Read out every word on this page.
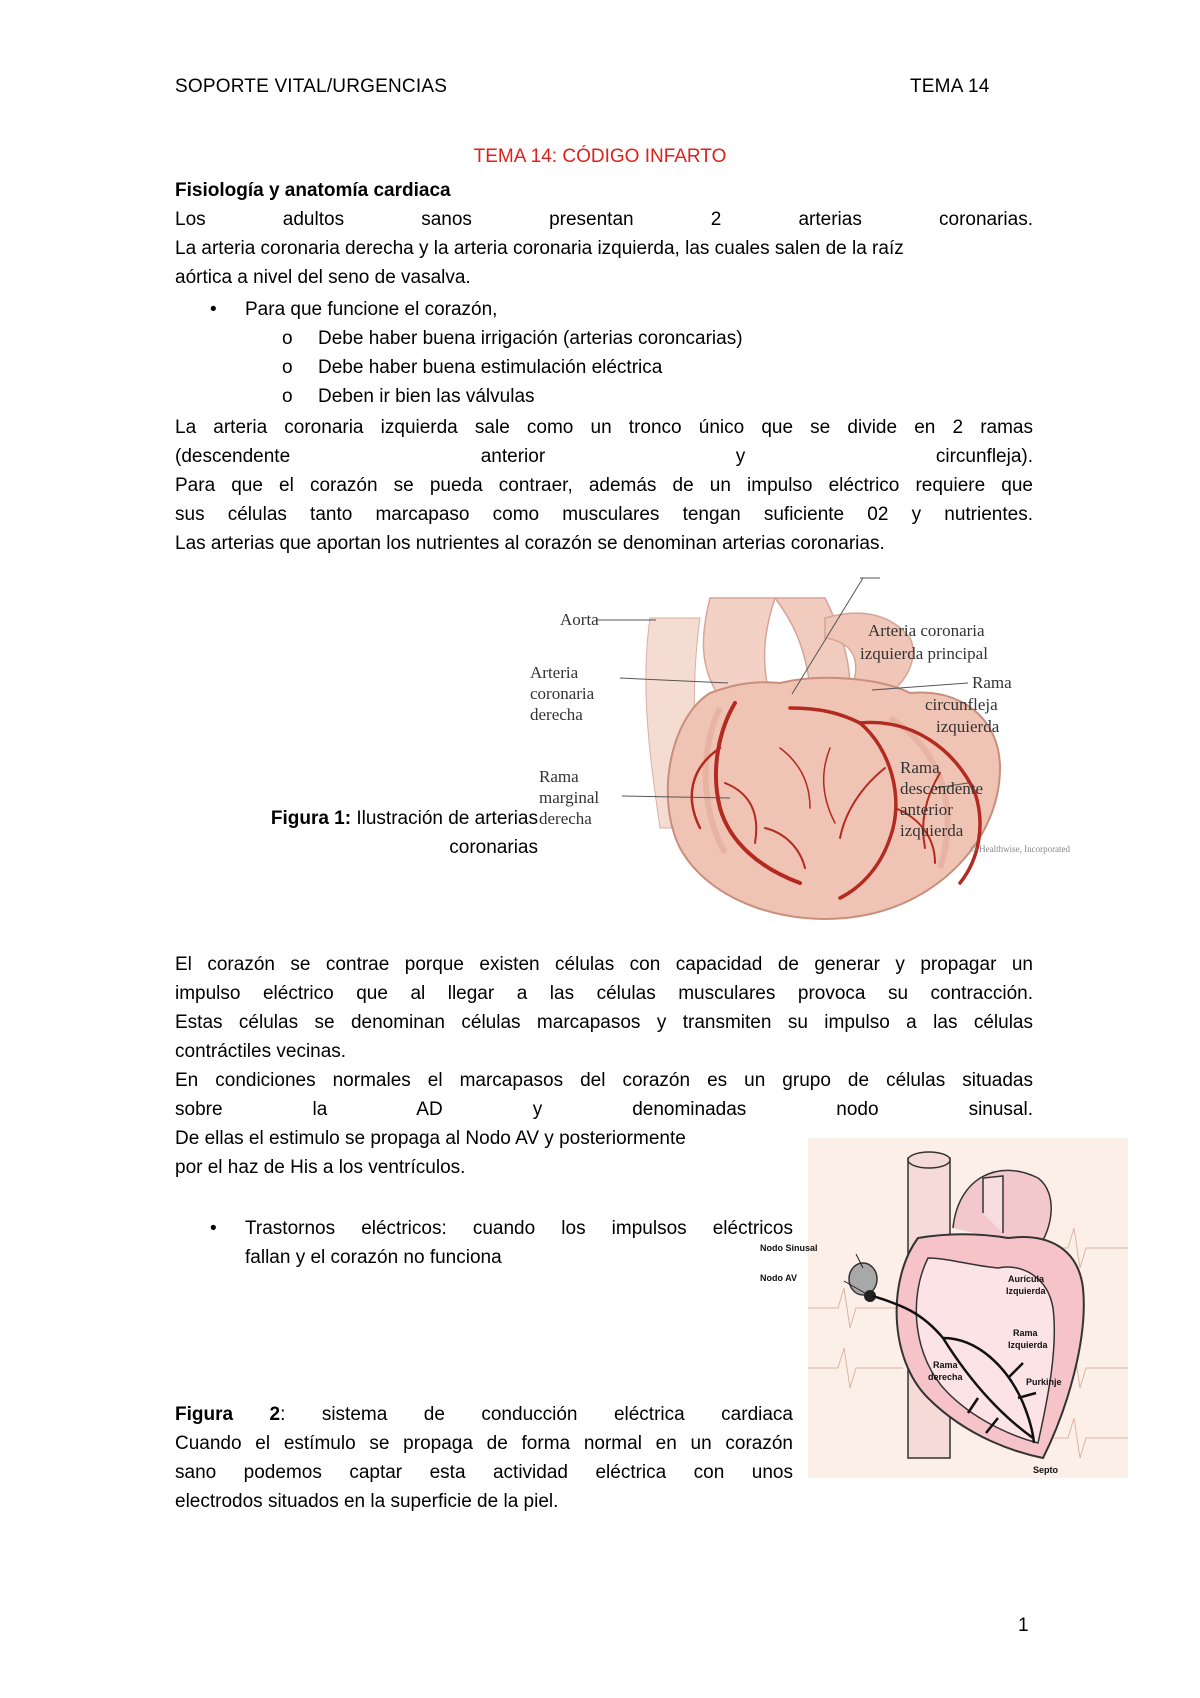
SOPORTE VITAL/URGENCIAS	TEMA 14
TEMA 14: CÓDIGO INFARTO
Fisiología y anatomía cardiaca
Los adultos sanos presentan 2 arterias coronarias.
La arteria coronaria derecha y la arteria coronaria izquierda, las cuales salen de la raíz
aórtica a nivel del seno de vasalva.
• Para que funcione el corazón,
o Debe haber buena irrigación (arterias coroncarias)
o Debe haber buena estimulación eléctrica
o Deben ir bien las válvulas
La arteria coronaria izquierda sale como un tronco único que se divide en 2 ramas
(descendente anterior y circunfleja).
Para que el corazón se pueda contraer, además de un impulso eléctrico requiere que
sus células tanto marcapaso como musculares tengan suficiente 02 y nutrientes.
Las arterias que aportan los nutrientes al corazón se denominan arterias coronarias.
Figura 1: Ilustración de arterias
coronarias
Aorta
Arteria
coronaria
derecha
Rama
marginal
derecha
Rama
circunfleja
izquierda
Rama
descendente
anterior
izquierda
© Healthwise, Incorporated
Arteria coronaria
izquierda principal
El corazón se contrae porque existen células con capacidad de generar y propagar un
impulso eléctrico que al llegar a las células musculares provoca su contracción.
Estas células se denominan células marcapasos y transmiten su impulso a las células
contráctiles vecinas.
En condiciones normales el marcapasos del corazón es un grupo de células situadas
sobre la AD y denominadas nodo sinusal.
De ellas el estimulo se propaga al Nodo AV y posteriormente
por el haz de His a los ventrículos.
• Trastornos eléctricos: cuando los impulsos eléctricos
fallan y el corazón no funciona	Nodo Sinusal
Nodo AV	Aurícula
Izquierda
Rama
Izquierda
Rama
derecha	Purkinje
Septo
Figura 2: sistema de conducción eléctrica cardiaca
Cuando el estímulo se propaga de forma normal en un corazón
sano podemos captar esta actividad eléctrica con unos
electrodos situados en la superficie de la piel.
1
